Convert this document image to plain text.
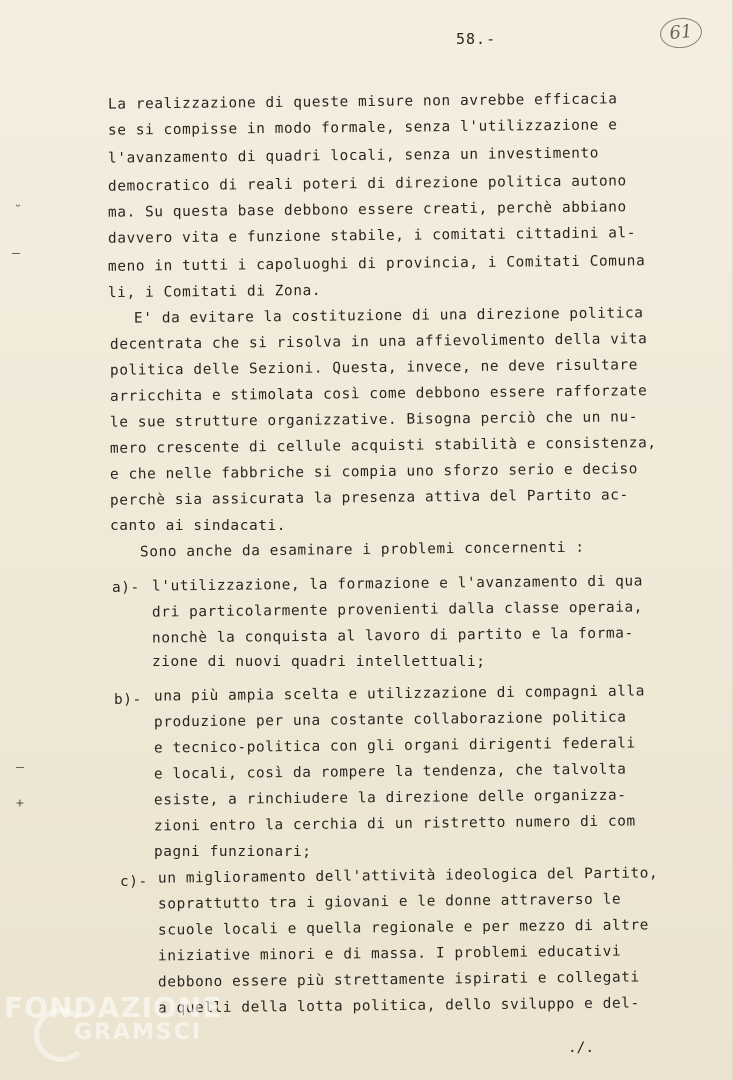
58.-	61
˘
—
—
+
La realizzazione di queste misure non avrebbe efficacia
se si compisse in modo formale, senza l'utilizzazione e
l'avanzamento di quadri locali, senza un investimento
democratico di reali poteri di direzione politica autono
ma. Su questa base debbono essere creati, perchè abbiano
davvero vita e funzione stabile, i comitati cittadini al-
meno in tutti i capoluoghi di provincia, i Comitati Comuna
li, i Comitati di Zona.
E' da evitare la costituzione di una direzione politica
decentrata che si risolva in una affievolimento della vita
politica delle Sezioni. Questa, invece, ne deve risultare
arricchita e stimolata così come debbono essere rafforzate
le sue strutture organizzative. Bisogna perciò che un nu-
mero crescente di cellule acquisti stabilità e consistenza,
e che nelle fabbriche si compia uno sforzo serio e deciso
perchè sia assicurata la presenza attiva del Partito ac-
canto ai sindacati.
Sono anche da esaminare i problemi concernenti :
a)- l'utilizzazione, la formazione e l'avanzamento di qua
dri particolarmente provenienti dalla classe operaia,
nonchè la conquista al lavoro di partito e la forma-
zione di nuovi quadri intellettuali;
b)- una più ampia scelta e utilizzazione di compagni alla
produzione per una costante collaborazione politica
e tecnico-politica con gli organi dirigenti federali
e locali, così da rompere la tendenza, che talvolta
esiste, a rinchiudere la direzione delle organizza-
zioni entro la cerchia di un ristretto numero di com
pagni funzionari;
c)- un miglioramento dell'attività ideologica del Partito,
soprattutto tra i giovani e le donne attraverso le
scuole locali e quella regionale e per mezzo di altre
iniziative minori e di massa. I problemi educativi
debbono essere più strettamente ispirati e collegati
a quelli della lotta politica, dello sviluppo e del-
./.
FONDAZIONE
GRAMSCI
